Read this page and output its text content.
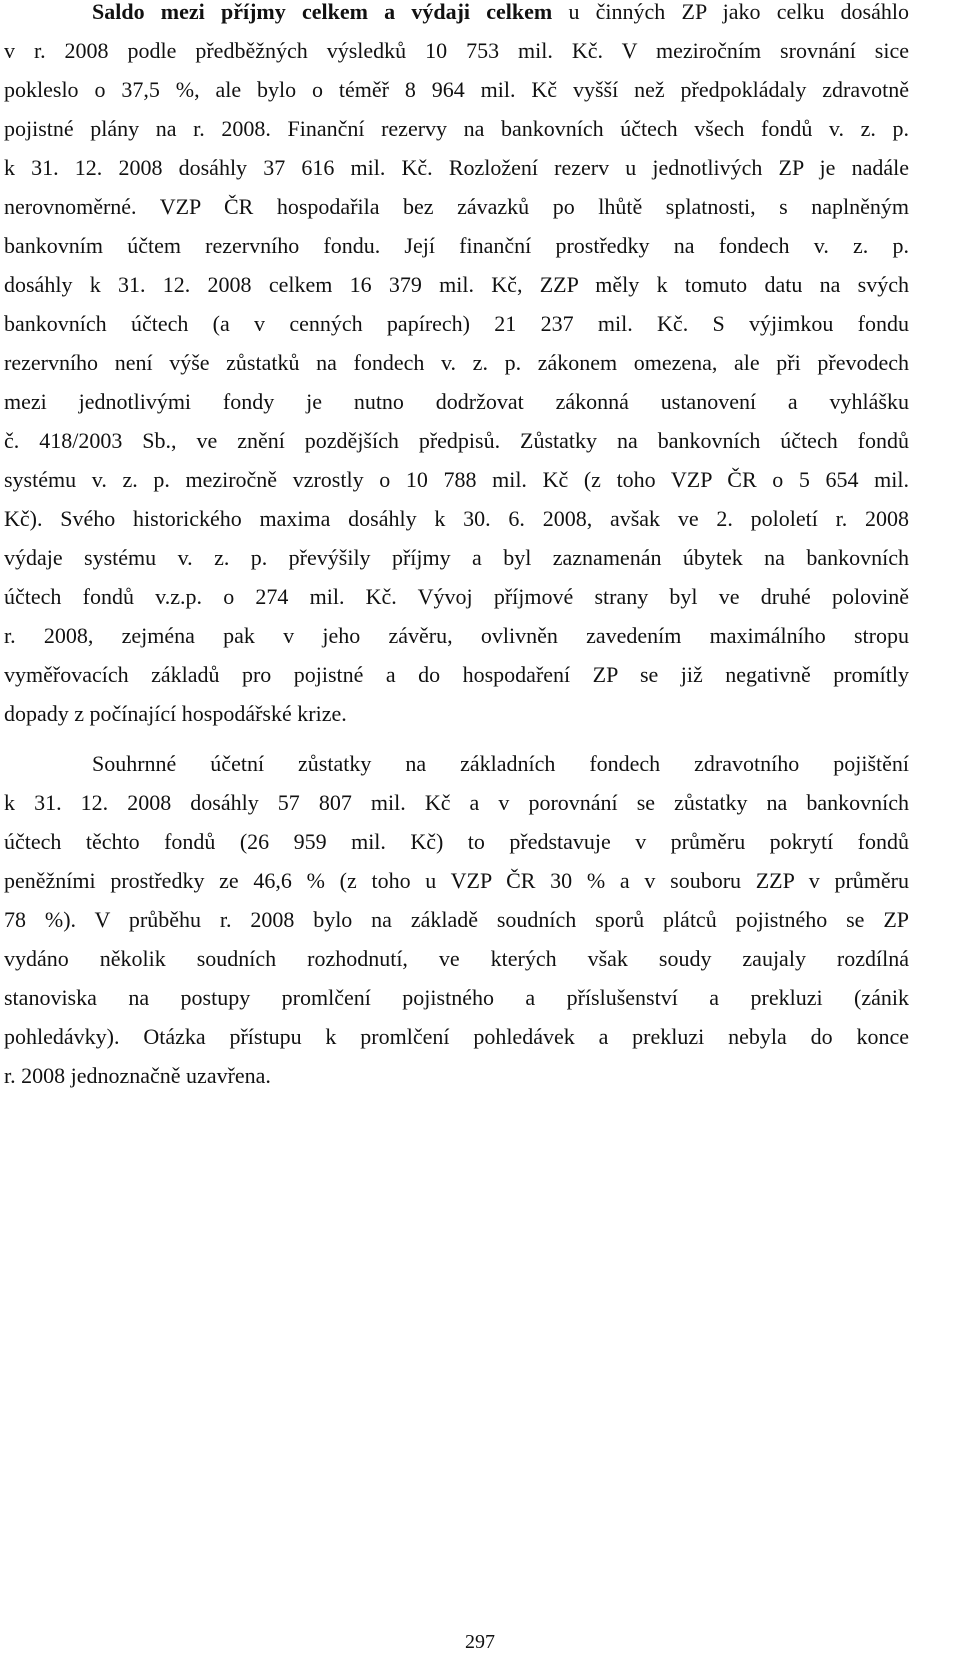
Saldo mezi příjmy celkem a výdaji celkem u činných ZP jako celku dosáhlo
v r. 2008 podle předběžných výsledků 10 753 mil. Kč. V meziročním srovnání sice
pokleslo o 37,5 %, ale bylo o téměř 8 964 mil. Kč vyšší než předpokládaly zdravotně
pojistné plány na r. 2008. Finanční rezervy na bankovních účtech všech fondů v. z. p.
k 31. 12. 2008 dosáhly 37 616 mil. Kč. Rozložení rezerv u jednotlivých ZP je nadále
nerovnoměrné. VZP ČR hospodařila bez závazků po lhůtě splatnosti, s naplněným
bankovním účtem rezervního fondu. Její finanční prostředky na fondech v. z. p.
dosáhly k 31. 12. 2008 celkem 16 379 mil. Kč, ZZP měly k tomuto datu na svých
bankovních účtech (a v cenných papírech) 21 237 mil. Kč. S výjimkou fondu
rezervního není výše zůstatků na fondech v. z. p. zákonem omezena, ale při převodech
mezi jednotlivými fondy je nutno dodržovat zákonná ustanovení a vyhlášku
č. 418/2003 Sb., ve znění pozdějších předpisů. Zůstatky na bankovních účtech fondů
systému v. z. p. meziročně vzrostly o 10 788 mil. Kč (z toho VZP ČR o 5 654 mil.
Kč). Svého historického maxima dosáhly k 30. 6. 2008, avšak ve 2. pololetí r. 2008
výdaje systému v. z. p. převýšily příjmy a byl zaznamenán úbytek na bankovních
účtech fondů v.z.p. o 274 mil. Kč. Vývoj příjmové strany byl ve druhé polovině
r. 2008, zejména pak v jeho závěru, ovlivněn zavedením maximálního stropu
vyměřovacích základů pro pojistné a do hospodaření ZP se již negativně promítly
dopady z počínající hospodářské krize.
Souhrnné účetní zůstatky na základních fondech zdravotního pojištění
k 31. 12. 2008 dosáhly 57 807 mil. Kč a v porovnání se zůstatky na bankovních
účtech těchto fondů (26 959 mil. Kč) to představuje v průměru pokrytí fondů
peněžními prostředky ze 46,6 % (z toho u VZP ČR 30 % a v souboru ZZP v průměru
78 %). V průběhu r. 2008 bylo na základě soudních sporů plátců pojistného se ZP
vydáno několik soudních rozhodnutí, ve kterých však soudy zaujaly rozdílná
stanoviska na postupy promlčení pojistného a příslušenství a prekluzi (zánik
pohledávky). Otázka přístupu k promlčení pohledávek a prekluzi nebyla do konce
r. 2008 jednoznačně uzavřena.
297
